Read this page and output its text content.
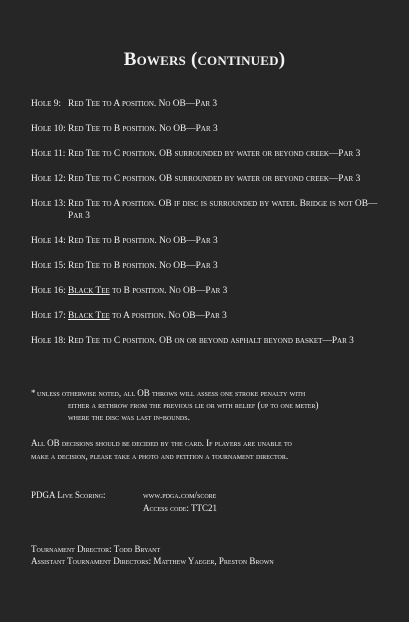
Bowers (continued)
Hole 9: Red Tee to A position. No OB—Par 3
Hole 10: Red Tee to B position. No OB—Par 3
Hole 11: Red Tee to C position. OB surrounded by water or beyond creek—Par 3
Hole 12: Red Tee to C position. OB surrounded by water or beyond creek—Par 3
Hole 13: Red Tee to A position. OB if disc is surrounded by water. Bridge is not OB—Par 3
Hole 14: Red Tee to B position. No OB—Par 3
Hole 15: Red Tee to B position. No OB—Par 3
Hole 16: Black Tee to B position. No OB—Par 3
Hole 17: Black Tee to A position. No OB—Par 3
Hole 18: Red Tee to C position. OB on or beyond asphalt beyond basket—Par 3
* unless otherwise noted, all OB throws will assess one stroke penalty with
either a rethrow from the previous lie or with relief (up to one meter)
where the disc was last in-bounds.
All OB decisions should be decided by the card. If players are unable to
make a decision, please take a photo and petition a tournament director.
PDGA Live Scoring:	www.pdga.com/score
Access code: TTC21
Tournament Director: Todd Bryant
Assistant Tournament Directors: Matthew Yaeger, Preston Brown
